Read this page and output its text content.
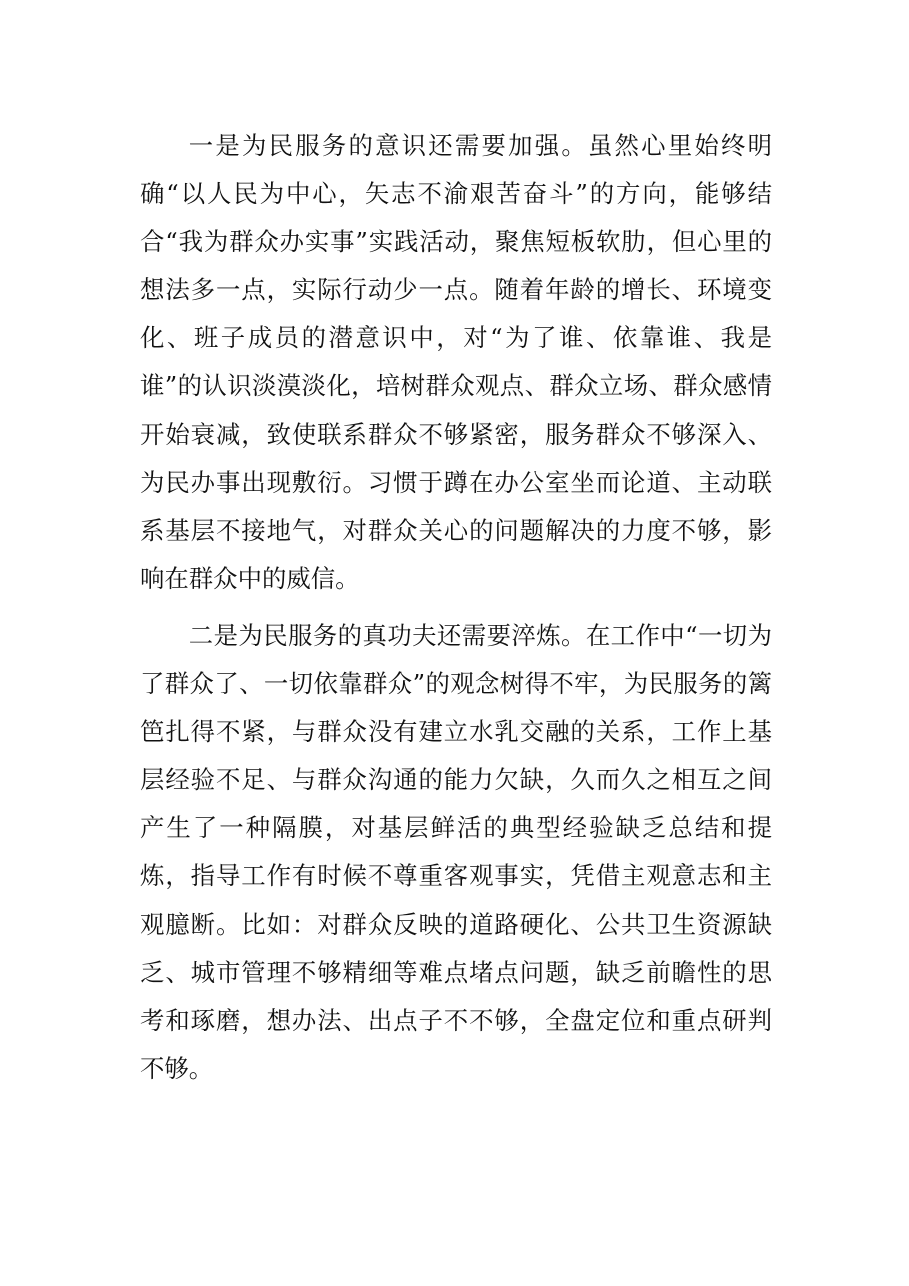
一是为民服务的意识还需要加强。虽然心里始终明确“以人民为中心，矢志不渝艰苦奋斗”的方向，能够结合“我为群众办实事”实践活动，聚焦短板软肋，但心里的想法多一点，实际行动少一点。随着年龄的增长、环境变化、班子成员的潜意识中，对“为了谁、依靠谁、我是谁”的认识淡漠淡化，培树群众观点、群众立场、群众感情开始衰减，致使联系群众不够紧密，服务群众不够深入、为民办事出现敷衍。习惯于蹲在办公室坐而论道、主动联系基层不接地气，对群众关心的问题解决的力度不够，影响在群众中的威信。

二是为民服务的真功夫还需要淬炼。在工作中“一切为了群众了、一切依靠群众”的观念树得不牢，为民服务的篱笆扎得不紧，与群众没有建立水乳交融的关系，工作上基层经验不足、与群众沟通的能力欠缺，久而久之相互之间产生了一种隔膜，对基层鲜活的典型经验缺乏总结和提炼，指导工作有时候不尊重客观事实，凭借主观意志和主观臆断。比如：对群众反映的道路硬化、公共卫生资源缺乏、城市管理不够精细等难点堵点问题，缺乏前瞻性的思考和琢磨，想办法、出点子不不够，全盘定位和重点研判不够。
